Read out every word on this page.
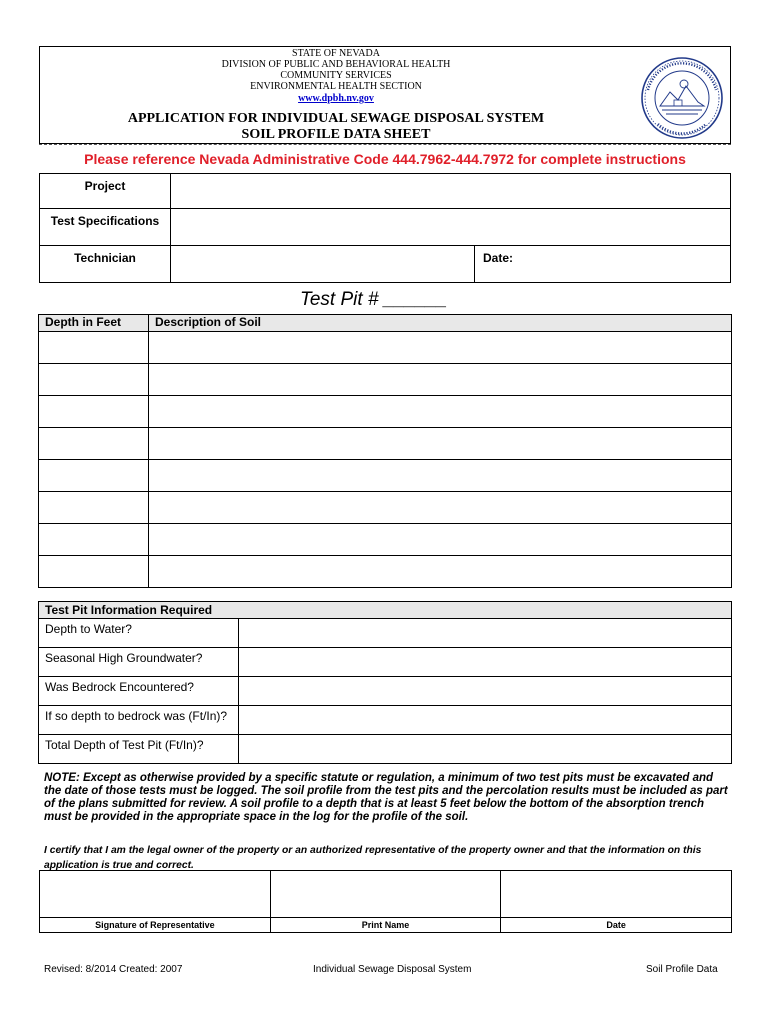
STATE OF NEVADA
DIVISION OF PUBLIC AND BEHAVIORAL HEALTH
COMMUNITY SERVICES
ENVIRONMENTAL HEALTH SECTION
www.dpbh.nv.gov
APPLICATION FOR INDIVIDUAL SEWAGE DISPOSAL SYSTEM
SOIL PROFILE DATA SHEET
Please reference Nevada Administrative Code 444.7962-444.7972 for complete instructions
Project		
Test Specifications		
Technician		Date:
Test Pit # ______
Depth in Feet	Description of Soil

Test Pit Information Required	
Depth to Water?	
Seasonal High Groundwater?	
Was Bedrock Encountered?	
If so depth to bedrock was (Ft/In)?	
Total Depth of Test Pit (Ft/In)?	
NOTE: Except as otherwise provided by a specific statute or regulation, a minimum of two test pits must be excavated and the date of those tests must be logged. The soil profile from the test pits and the percolation results must be included as part of the plans submitted for review. A soil profile to a depth that is at least 5 feet below the bottom of the absorption trench must be provided in the appropriate space in the log for the profile of the soil.
I certify that I am the legal owner of the property or an authorized representative of the property owner and that the information on this application is true and correct.

Signature of Representative	Print Name	Date
Revised: 8/2014 Created: 2007	Individual Sewage Disposal System	Soil Profile Data
